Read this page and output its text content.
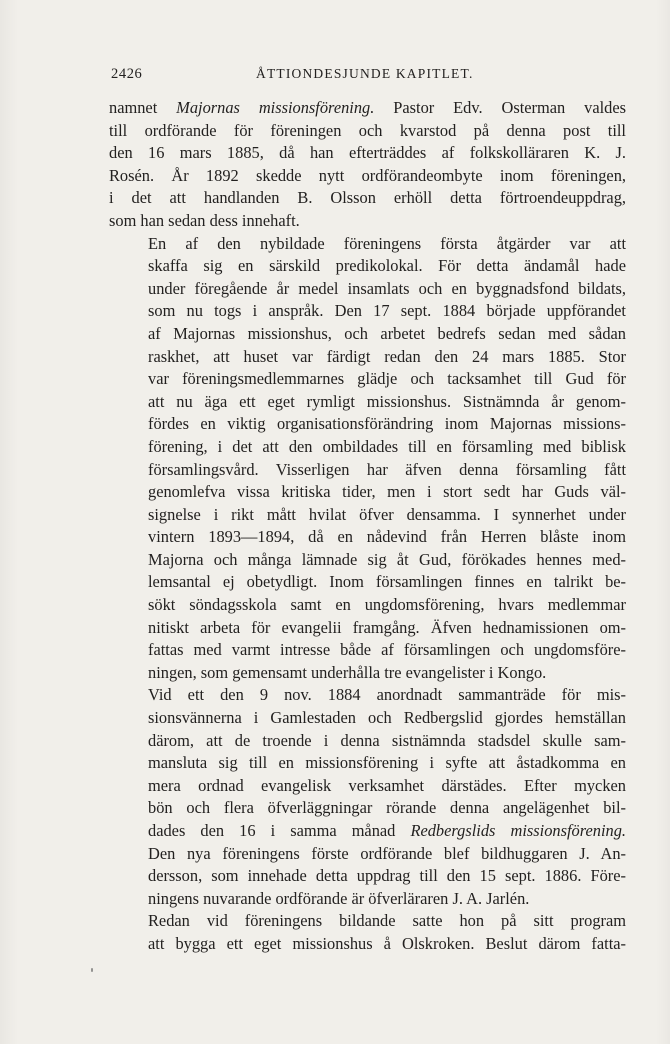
2426	ÅTTIONDESJUNDE KAPITLET.

namnet Majornas missionsförening. Pastor Edv. Osterman valdes
till ordförande för föreningen och kvarstod på denna post till
den 16 mars 1885, då han efterträddes af folkskolläraren K. J.
Rosén. År 1892 skedde nytt ordförandeombyte inom föreningen,
i det att handlanden B. Olsson erhöll detta förtroendeuppdrag,
som han sedan dess innehaft.

En af den nybildade föreningens första åtgärder var att
skaffa sig en särskild predikolokal. För detta ändamål hade
under föregående år medel insamlats och en byggnadsfond bildats,
som nu togs i anspråk. Den 17 sept. 1884 började uppförandet
af Majornas missionshus, och arbetet bedrefs sedan med sådan
raskhet, att huset var färdigt redan den 24 mars 1885. Stor
var föreningsmedlemmarnes glädje och tacksamhet till Gud för
att nu äga ett eget rymligt missionshus. Sistnämnda år genom-
fördes en viktig organisationsförändring inom Majornas missions-
förening, i det att den ombildades till en församling med biblisk
församlingsvård. Visserligen har äfven denna församling fått
genomlefva vissa kritiska tider, men i stort sedt har Guds väl-
signelse i rikt mått hvilat öfver densamma. I synnerhet under
vintern 1893—1894, då en nådevind från Herren blåste inom
Majorna och många lämnade sig åt Gud, förökades hennes med-
lemsantal ej obetydligt. Inom församlingen finnes en talrikt be-
sökt söndagsskola samt en ungdomsförening, hvars medlemmar
nitiskt arbeta för evangelii framgång. Äfven hednamissionen om-
fattas med varmt intresse både af församlingen och ungdomsföre-
ningen, som gemensamt underhålla tre evangelister i Kongo.

Vid ett den 9 nov. 1884 anordnadt sammanträde för mis-
sionsvännerna i Gamlestaden och Redbergslid gjordes hemställan
därom, att de troende i denna sistnämnda stadsdel skulle sam-
mansluta sig till en missionsförening i syfte att åstadkomma en
mera ordnad evangelisk verksamhet därstädes. Efter mycken
bön och flera öfverläggningar rörande denna angelägenhet bil-
dades den 16 i samma månad Redbergslids missionsförening.
Den nya föreningens förste ordförande blef bildhuggaren J. An-
dersson, som innehade detta uppdrag till den 15 sept. 1886. Före-
ningens nuvarande ordförande är öfverläraren J. A. Jarlén.

Redan vid föreningens bildande satte hon på sitt program
att bygga ett eget missionshus å Olskroken. Beslut därom fatta-
